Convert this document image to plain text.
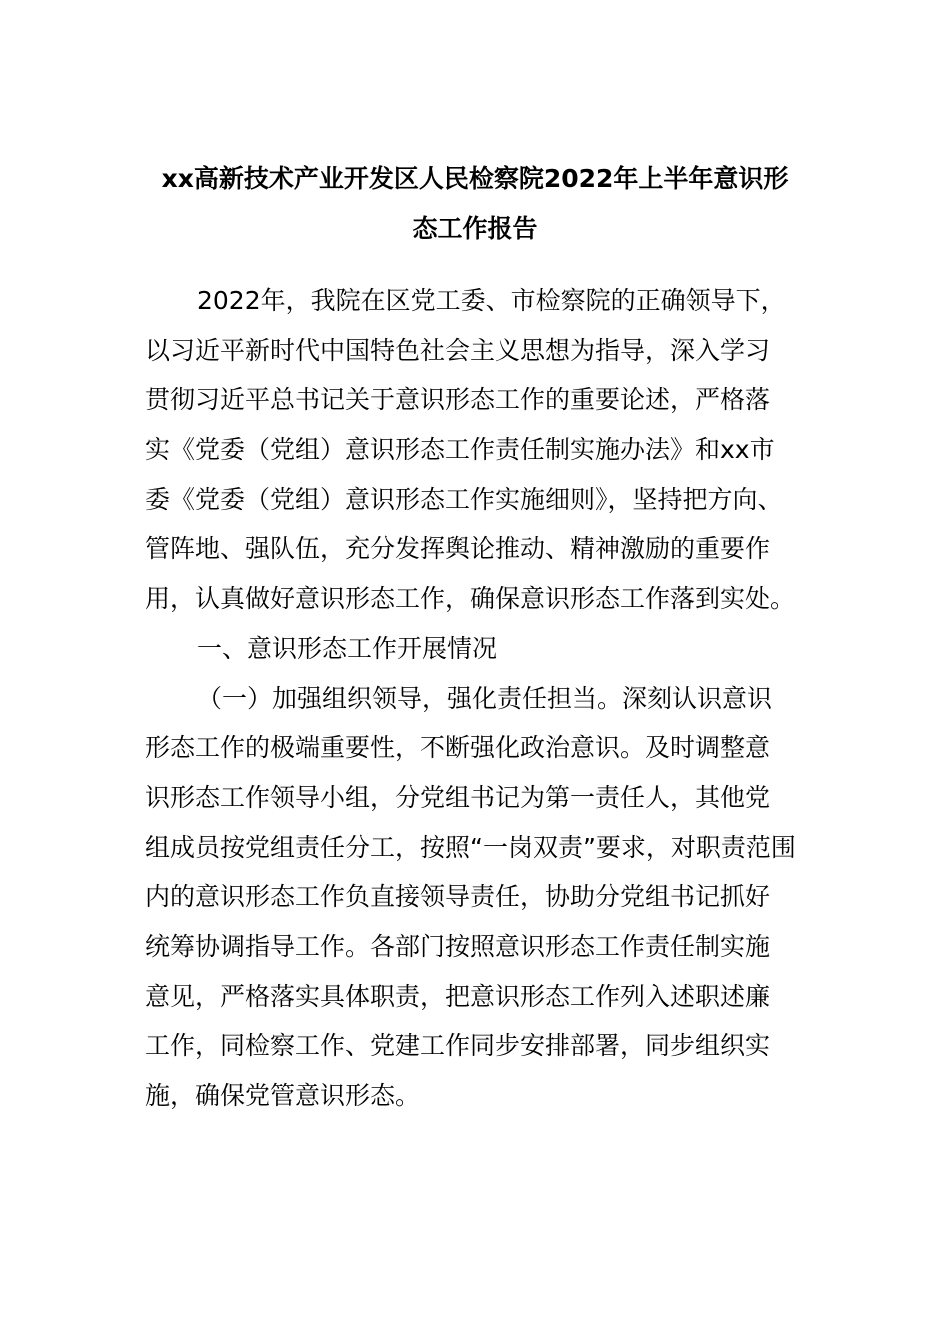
xx高新技术产业开发区人民检察院2022年上半年意识形
态工作报告
2022年，我院在区党工委、市检察院的正确领导下，
以习近平新时代中国特色社会主义思想为指导，深入学习
贯彻习近平总书记关于意识形态工作的重要论述，严格落
实《党委（党组）意识形态工作责任制实施办法》和xx市
委《党委（党组）意识形态工作实施细则》，坚持把方向、
管阵地、强队伍，充分发挥舆论推动、精神激励的重要作
用，认真做好意识形态工作，确保意识形态工作落到实处。
一、意识形态工作开展情况
（一）加强组织领导，强化责任担当。深刻认识意识
形态工作的极端重要性，不断强化政治意识。及时调整意
识形态工作领导小组，分党组书记为第一责任人，其他党
组成员按党组责任分工，按照“一岗双责”要求，对职责范围
内的意识形态工作负直接领导责任，协助分党组书记抓好
统筹协调指导工作。各部门按照意识形态工作责任制实施
意见，严格落实具体职责，把意识形态工作列入述职述廉
工作，同检察工作、党建工作同步安排部署，同步组织实
施，确保党管意识形态。
